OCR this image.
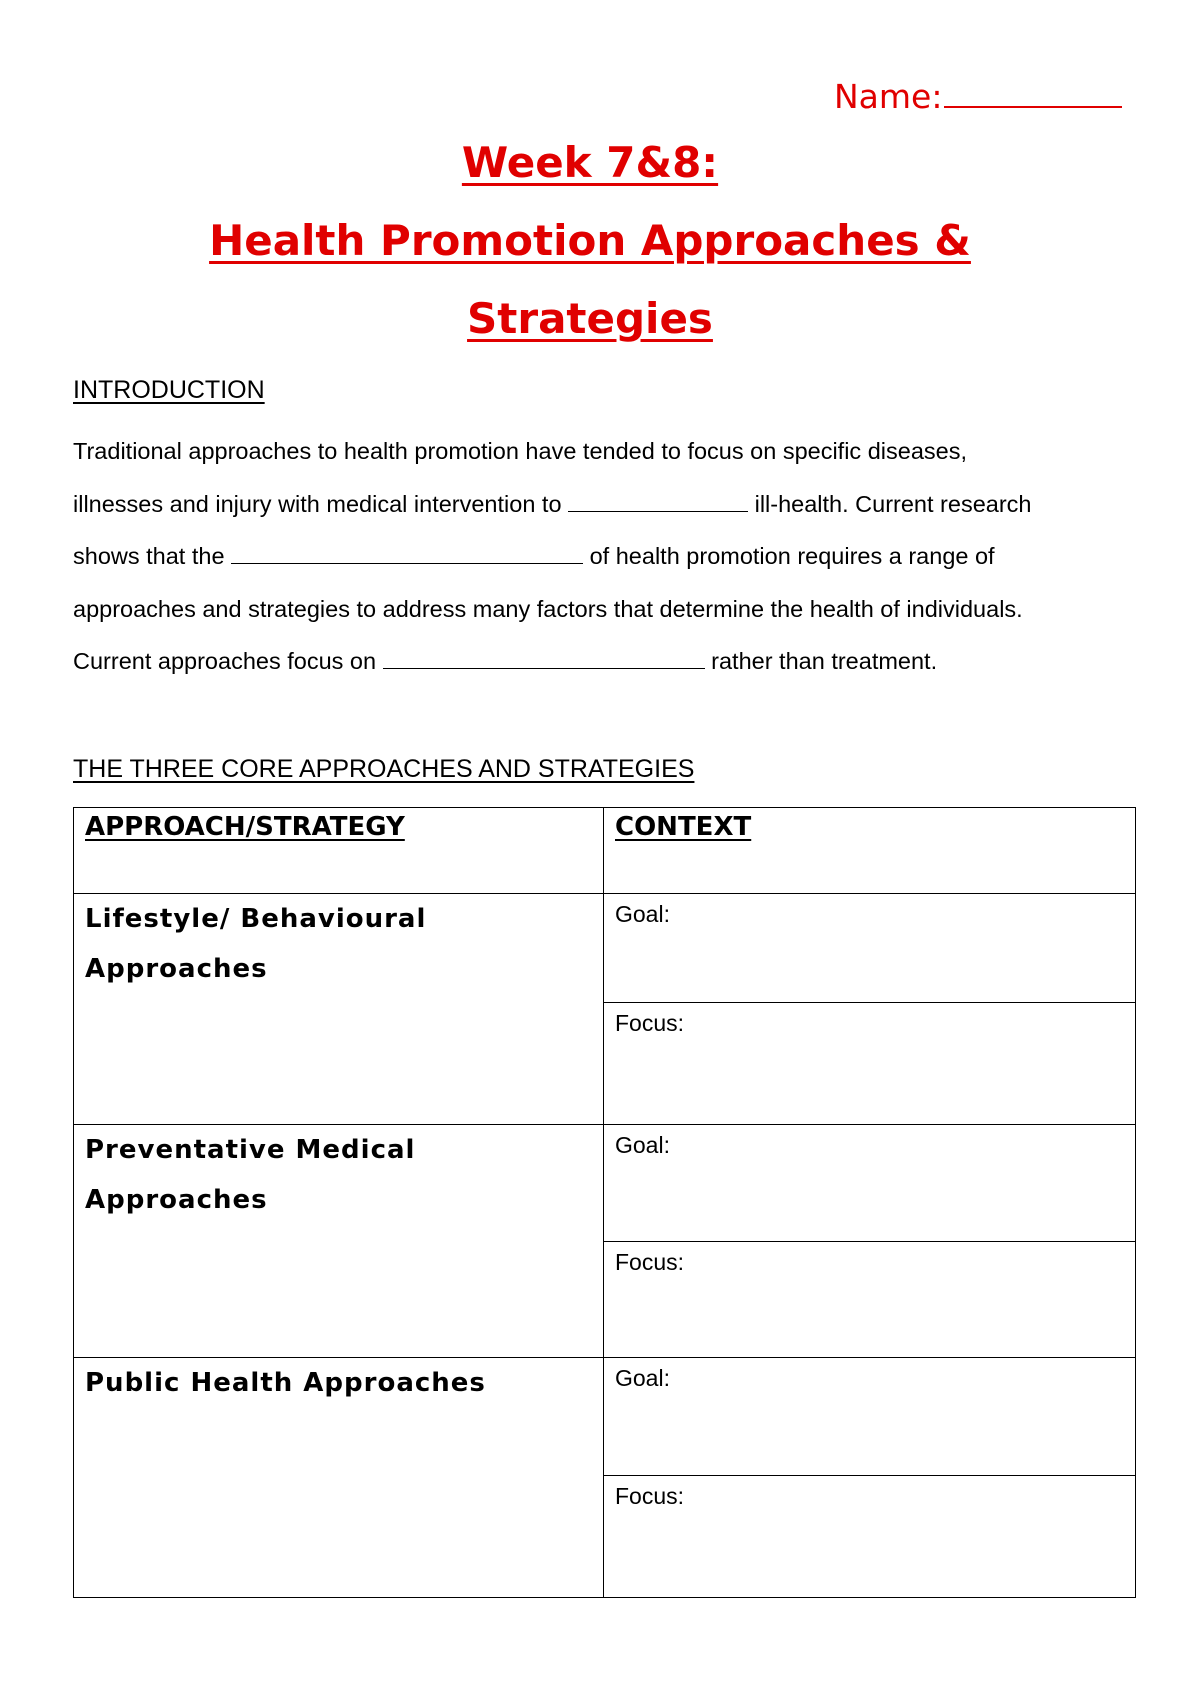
Name:
Week 7&8:
Health Promotion Approaches &
Strategies
INTRODUCTION
Traditional approaches to health promotion have tended to focus on specific diseases,
illnesses and injury with medical intervention to	ill-health. Current research
shows that the	of health promotion requires a range of
approaches and strategies to address many factors that determine the health of individuals.
Current approaches focus on	rather than treatment.
THE THREE CORE APPROACHES AND STRATEGIES
APPROACH/STRATEGY	CONTEXT

Lifestyle/ Behavioural Approaches	Goal:

	Focus:

Preventative Medical Approaches	Goal:

	Focus:

Public Health Approaches	Goal:

	Focus:
